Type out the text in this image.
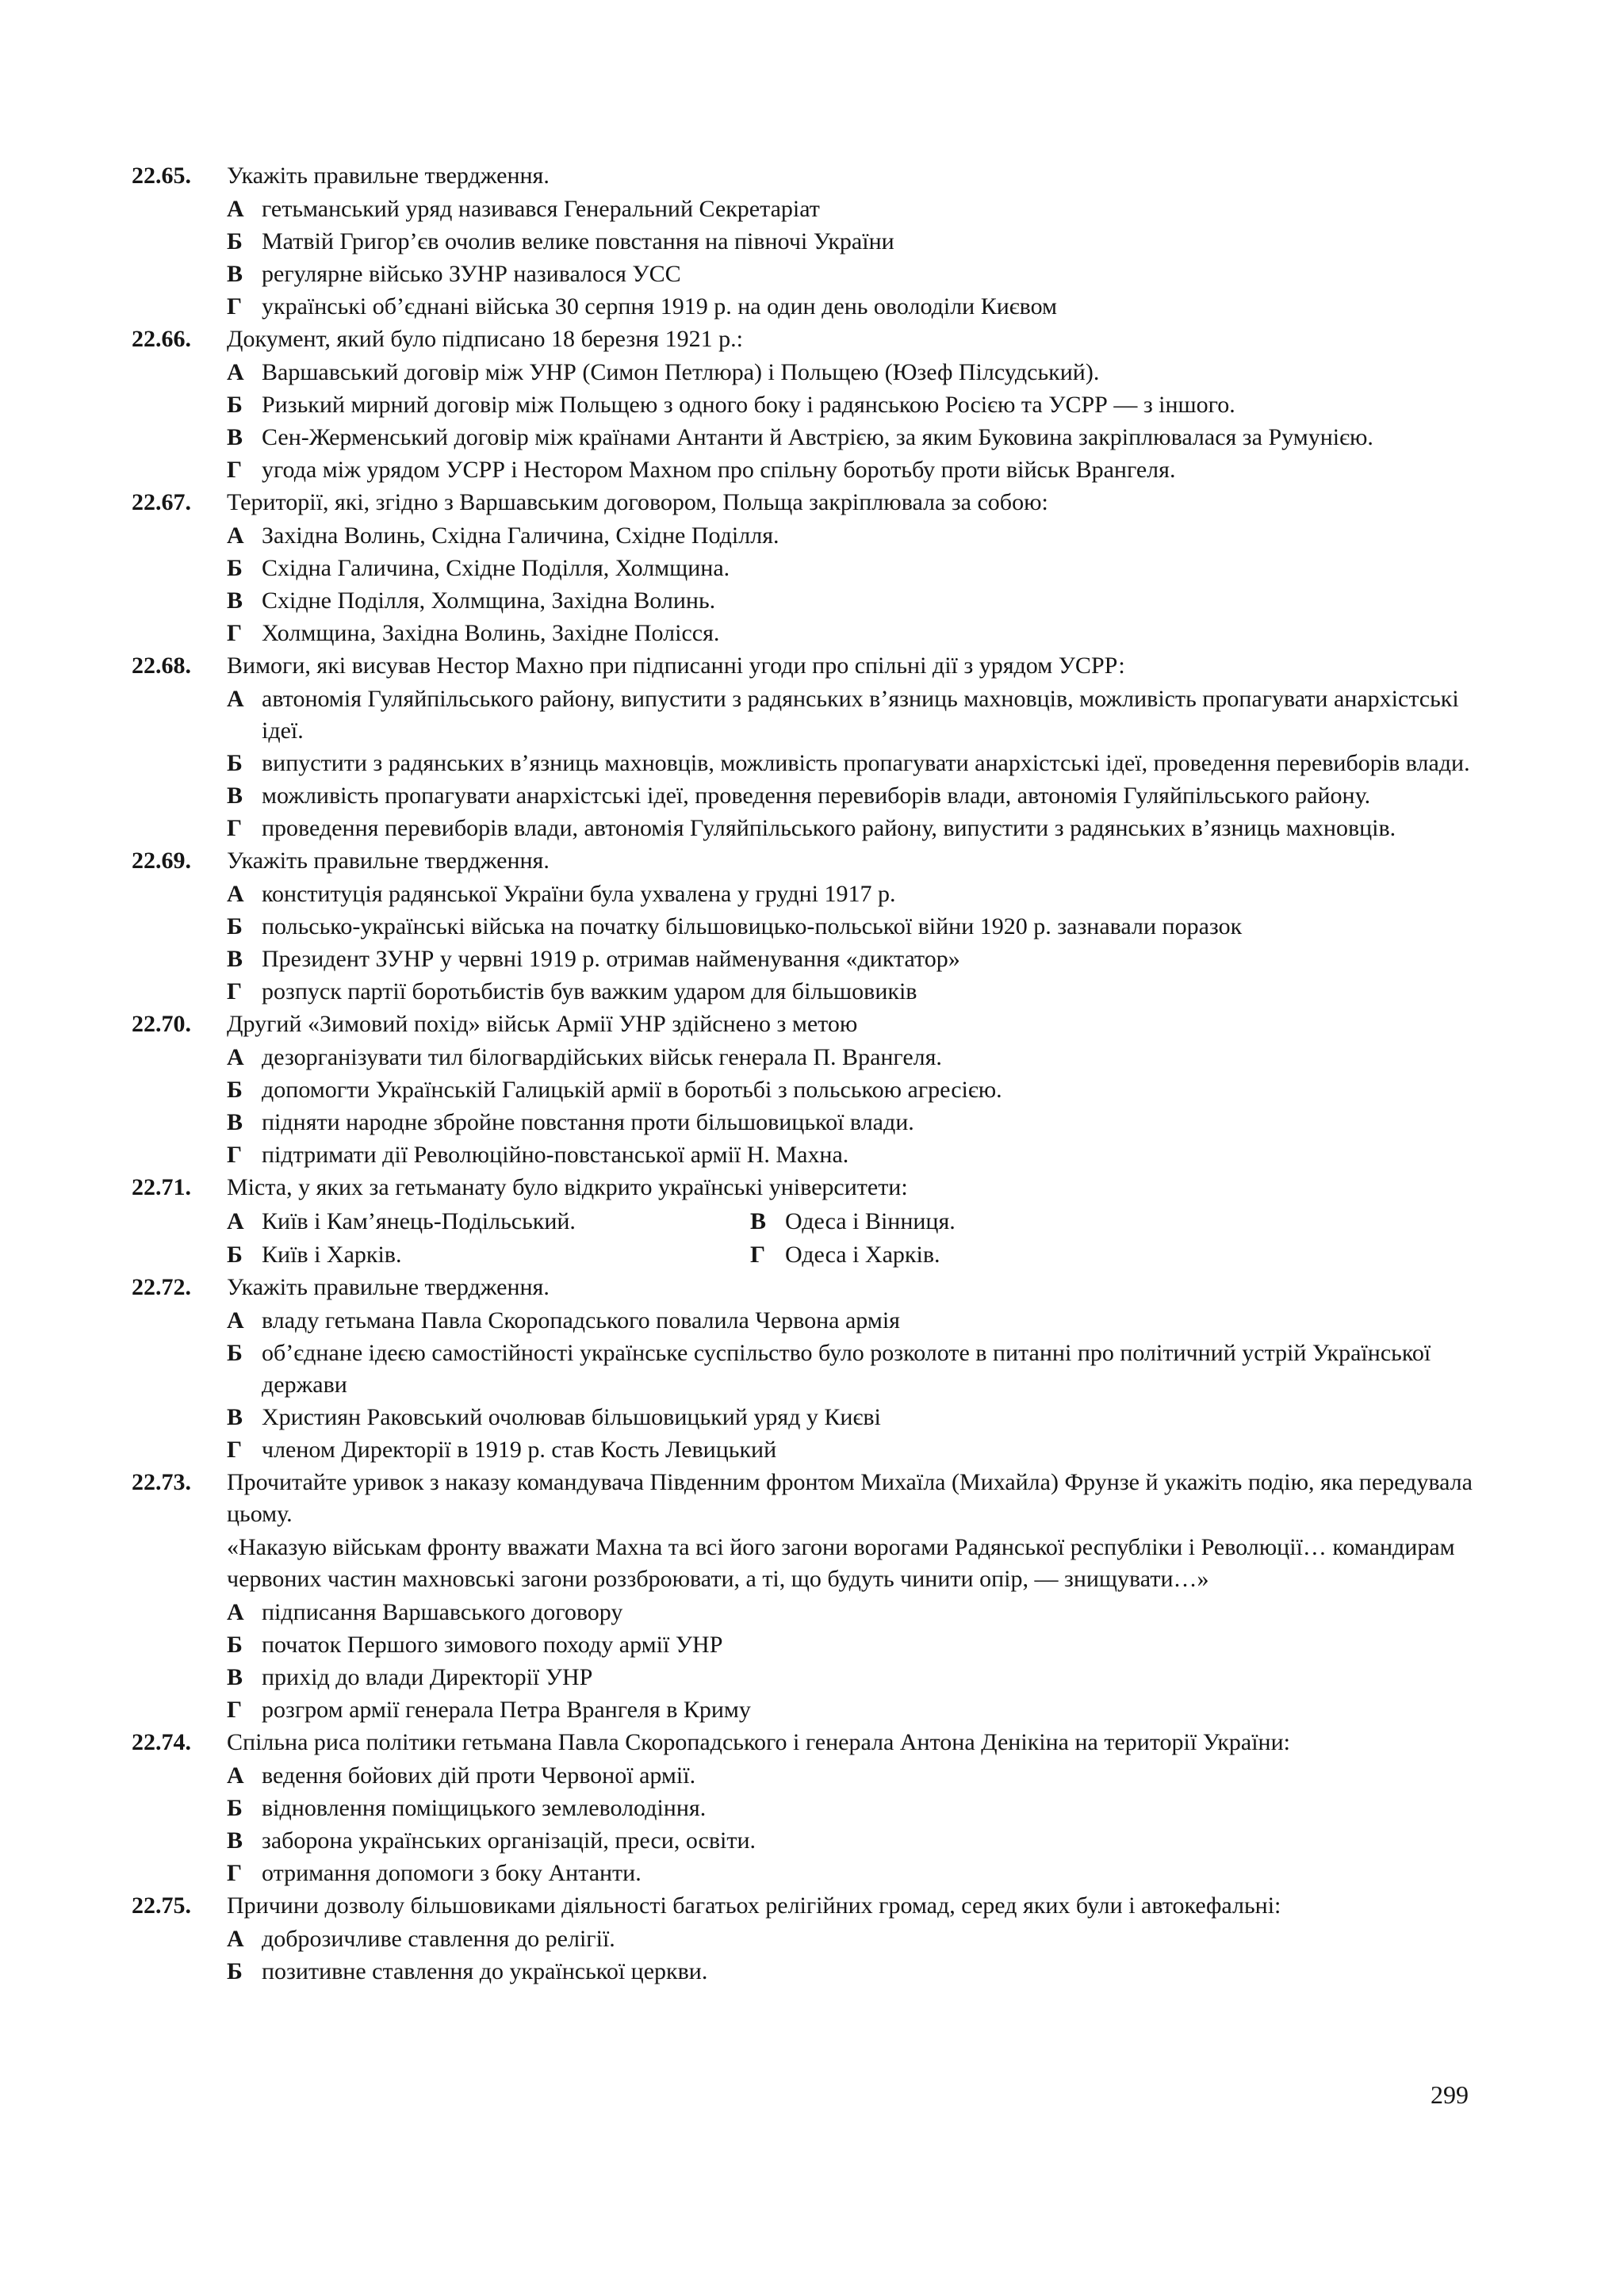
22.65. Укажіть правильне твердження.
А гетьманський уряд називався Генеральний Секретаріат
Б Матвій Григор’єв очолив велике повстання на півночі України
В регулярне військо ЗУНР називалося УСС
Г українські об’єднані війська 30 серпня 1919 р. на один день оволоділи Києвом
22.66. Документ, який було підписано 18 березня 1921 р.:
А Варшавський договір між УНР (Симон Петлюра) і Польщею (Юзеф Пілсудський).
Б Ризький мирний договір між Польщею з одного боку і радянською Росією та УСРР — з іншого.
В Сен-Жерменський договір між країнами Антанти й Австрією, за яким Буковина закріплювалася за Румунією.
Г угода між урядом УСРР і Нестором Махном про спільну боротьбу проти військ Врангеля.
22.67. Території, які, згідно з Варшавським договором, Польща закріплювала за собою:
А Західна Волинь, Східна Галичина, Східне Поділля.
Б Східна Галичина, Східне Поділля, Холмщина.
В Східне Поділля, Холмщина, Західна Волинь.
Г Холмщина, Західна Волинь, Західне Полісся.
22.68. Вимоги, які висував Нестор Махно при підписанні угоди про спільні дії з урядом УСРР:
А автономія Гуляйпільського району, випустити з радянських в’язниць махновців, можливість пропагувати анархістські ідеї.
Б випустити з радянських в’язниць махновців, можливість пропагувати анархістські ідеї, проведення перевиборів влади.
В можливість пропагувати анархістські ідеї, проведення перевиборів влади, автономія Гуляйпільського району.
Г проведення перевиборів влади, автономія Гуляйпільського району, випустити з радянських в’язниць махновців.
22.69. Укажіть правильне твердження.
А конституція радянської України була ухвалена у грудні 1917 р.
Б польсько-українські війська на початку більшовицько-польської війни 1920 р. зазнавали поразок
В Президент ЗУНР у червні 1919 р. отримав найменування «диктатор»
Г розпуск партії боротьбистів був важким ударом для більшовиків
22.70. Другий «Зимовий похід» військ Армії УНР здійснено з метою
А дезорганізувати тил білогвардійських військ генерала П. Врангеля.
Б допомогти Українській Галицькій армії в боротьбі з польською агресією.
В підняти народне збройне повстання проти більшовицької влади.
Г підтримати дії Революційно-повстанської армії Н. Махна.
22.71. Міста, у яких за гетьманату було відкрито українські університети:
А Київ і Кам’янець-Подільський.	В Одеса і Вінниця.
Б Київ і Харків.	Г Одеса і Харків.
22.72. Укажіть правильне твердження.
А владу гетьмана Павла Скоропадського повалила Червона армія
Б об’єднане ідеєю самостійності українське суспільство було розколоте в питанні про політичний устрій Української держави
В Християн Раковський очолював більшовицький уряд у Києві
Г членом Директорії в 1919 р. став Кость Левицький
22.73. Прочитайте уривок з наказу командувача Південним фронтом Михаїла (Михайла) Фрунзе й укажіть подію, яка передувала цьому.

«Наказую військам фронту вважати Махна та всі його загони ворогами Радянської республіки і Революції… командирам червоних частин махновські загони роззброювати, а ті, що будуть чинити опір, — знищувати…»

А підписання Варшавського договору
Б початок Першого зимового походу армії УНР
В прихід до влади Директорії УНР
Г розгром армії генерала Петра Врангеля в Криму
22.74. Спільна риса політики гетьмана Павла Скоропадського і генерала Антона Денікіна на території України:
А ведення бойових дій проти Червоної армії.
Б відновлення поміщицького землеволодіння.
В заборона українських організацій, преси, освіти.
Г отримання допомоги з боку Антанти.
22.75. Причини дозволу більшовиками діяльності багатьох релігійних громад, серед яких були і автокефальні:
А доброзичливе ставлення до релігії.
Б позитивне ставлення до української церкви.
299
